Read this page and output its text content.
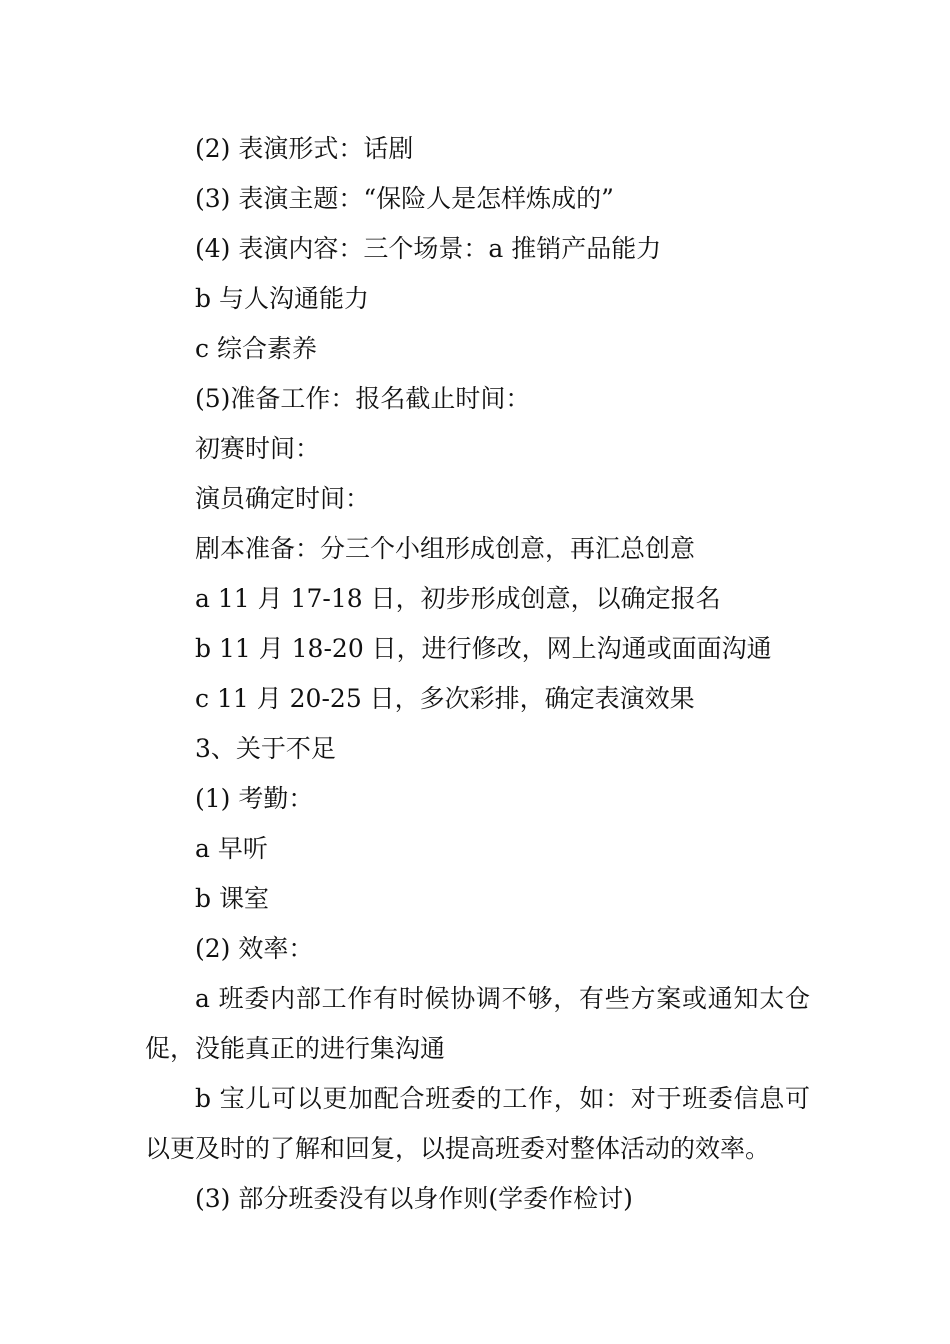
(2) 表演形式：话剧
(3) 表演主题：“保险人是怎样炼成的”
(4) 表演内容：三个场景：a 推销产品能力
b 与人沟通能力
c 综合素养
(5)准备工作：报名截止时间：
初赛时间：
演员确定时间：
剧本准备：分三个小组形成创意，再汇总创意
a 11 月 17-18 日，初步形成创意，以确定报名
b 11 月 18-20 日，进行修改，网上沟通或面面沟通
c 11 月 20-25 日，多次彩排，确定表演效果
3、关于不足
(1) 考勤：
a 早听
b 课室
(2) 效率：
a 班委内部工作有时候协调不够，有些方案或通知太仓促，没能真正的进行集沟通
b 宝儿可以更加配合班委的工作，如：对于班委信息可以更及时的了解和回复，以提高班委对整体活动的效率。
(3) 部分班委没有以身作则(学委作检讨)
